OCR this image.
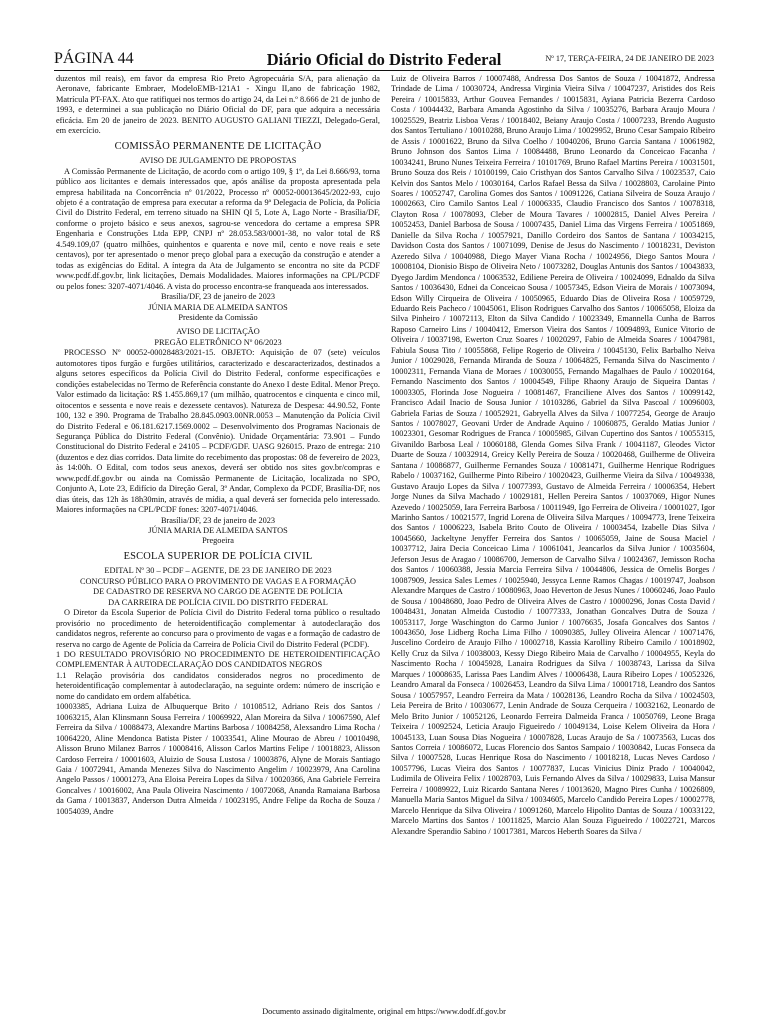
PÁGINA 44	Diário Oficial do Distrito Federal	Nº 17, TERÇA-FEIRA, 24 DE JANEIRO DE 2023

duzentos mil reais), em favor da empresa Rio Preto Agropecuária S/A, para alienação da Aeronave, fabricante Embraer, ModeloEMB-121A1 - Xingu II,ano de fabricação 1982, Matrícula PT-FAX. Ato que ratifiquei nos termos do artigo 24, da Lei n.º 8.666 de 21 de junho de 1993, e determinei a sua publicação no Diário Oficial do DF, para que adquira a necessária eficácia. Em 20 de janeiro de 2023. BENITO AUGUSTO GALIANI TIEZZI, Delegado-Geral, em exercício.

COMISSÃO PERMANENTE DE LICITAÇÃO
AVISO DE JULGAMENTO DE PROPOSTAS

A Comissão Permanente de Licitação, de acordo com o artigo 109, § 1º, da Lei 8.666/93, torna público aos licitantes e demais interessados que, após análise da proposta apresentada pela empresa habilitada na Concorrência nº 01/2022, Processo nº 00052-00013645/2022-93, cujo objeto é a contratação de empresa para executar a reforma da 9ª Delegacia de Polícia, da Polícia Civil do Distrito Federal, em terreno situado na SHIN QI 5, Lote A, Lago Norte - Brasília/DF, conforme o projeto básico e seus anexos, sagrou-se vencedora do certame a empresa SPR Engenharia e Construções Ltda EPP, CNPJ nº 28.053.583/0001-38, no valor total de R$ 4.549.109,07 (quatro milhões, quinhentos e quarenta e nove mil, cento e nove reais e sete centavos), por ter apresentado o menor preço global para a execução da construção e atender a todas as exigências do Edital. A íntegra da Ata de Julgamento se encontra no site da PCDF www.pcdf.df.gov.br, link licitações, Demais Modalidades. Maiores informações na CPL/PCDF ou pelos fones: 3207-4071/4046. A vista do processo encontra-se franqueada aos interessados.

Brasília/DF, 23 de janeiro de 2023
JÚNIA MARIA DE ALMEIDA SANTOS
Presidente da Comissão
AVISO DE LICITAÇÃO
PREGÃO ELETRÔNICO Nº 06/2023

PROCESSO Nº 00052-00028483/2021-15. OBJETO: Aquisição de 07 (sete) veículos automotores tipos furgão e furgões utilitários, caracterizado e descaracterizados, destinados a alguns setores específicos da Polícia Civil do Distrito Federal, conforme especificações e condições estabelecidas no Termo de Referência constante do Anexo I deste Edital. Menor Preço. Valor estimado da licitação: R$ 1.455.869,17 (um milhão, quatrocentos e cinquenta e cinco mil, oitocentos e sessenta e nove reais e dezessete centavos). Natureza de Despesa: 44.90.52, Fonte 100, 132 e 390. Programa de Trabalho 28.845.0903.00NR.0053 – Manutenção da Polícia Civil do Distrito Federal e 06.181.6217.1569.0002 – Desenvolvimento dos Programas Nacionais de Segurança Pública do Distrito Federal (Convênio). Unidade Orçamentária: 73.901 – Fundo Constitucional do Distrito Federal e 24105 – PCDF/GDF. UASG 926015. Prazo de entrega: 210 (duzentos e dez dias corridos. Data limite do recebimento das propostas: 08 de fevereiro de 2023, às 14:00h. O Edital, com todos seus anexos, deverá ser obtido nos sites gov.br/compras e www.pcdf.df.gov.br ou ainda na Comissão Permanente de Licitação, localizada no SPO, Conjunto A, Lote 23, Edifício da Direção Geral, 3º Andar, Complexo da PCDF, Brasília-DF, nos dias úteis, das 12h às 18h30min, através de mídia, a qual deverá ser fornecida pelo interessado. Maiores informações na CPL/PCDF fones: 3207-4071/4046.

Brasília/DF, 23 de janeiro de 2023
JÚNIA MARIA DE ALMEIDA SANTOS
Pregoeira
ESCOLA SUPERIOR DE POLÍCIA CIVIL
EDITAL Nº 30 – PCDF – AGENTE, DE 23 DE JANEIRO DE 2023
CONCURSO PÚBLICO PARA O PROVIMENTO DE VAGAS E A FORMAÇÃO
DE CADASTRO DE RESERVA NO CARGO DE AGENTE DE POLÍCIA
DA CARREIRA DE POLÍCIA CIVIL DO DISTRITO FEDERAL

O Diretor da Escola Superior de Polícia Civil do Distrito Federal torna público o resultado provisório no procedimento de heteroidentificação complementar à autodeclaração dos candidatos negros, referente ao concurso para o provimento de vagas e a formação de cadastro de reserva no cargo de Agente de Polícia da Carreira de Polícia Civil do Distrito Federal (PCDF).

1 DO RESULTADO PROVISÓRIO NO PROCEDIMENTO DE HETEROIDENTIFICAÇÃO COMPLEMENTAR À AUTODECLARAÇÃO DOS CANDIDATOS NEGROS

1.1 Relação provisória dos candidatos considerados negros no procedimento de heteroidentificação complementar à autodeclaração, na seguinte ordem: número de inscrição e nome do candidato em ordem alfabética.

10003385, Adriana Luiza de Albuquerque Brito / 10108512, Adriano Reis dos Santos / 10063215, Alan Klinsmann Sousa Ferreira / 10069922, Alan Moreira da Silva / 10067590, Alef Ferreira da Silva / 10088473, Alexandre Martins Barbosa / 10084258, Alexsandro Lima Rocha / 10064220, Aline Mendonca Batista Pister / 10033541, Aline Mourao de Abreu / 10010498, Alisson Bruno Milanez Barros / 10008416, Alisson Carlos Martins Felipe / 10018823, Alisson Cardoso Ferreira / 10001603, Aluizio de Sousa Lustosa / 10003876, Alyne de Morais Santiago Gaia / 10072941, Amanda Menezes Silva do Nascimento Angelim / 10023979, Ana Carolina Angelo Passos / 10001273, Ana Eloisa Pereira Lopes da Silva / 10020366, Ana Gabriele Ferreira Goncalves / 10016002, Ana Paula Oliveira Nascimento / 10072068, Ananda Ramaiana Barbosa da Gama / 10013837, Anderson Dutra Almeida / 10023195, Andre Felipe da Rocha de Souza / 10054039, Andre

Luiz de Oliveira Barros / 10007488, Andressa Dos Santos de Souza / 10041872, Andressa Trindade de Lima / 10030724, Andressa Virginia Vieira Silva / 10047237, Aristides dos Reis Pereira / 10015833, Arthur Gouvea Fernandes / 10015831, Ayiana Patricia Bezerra Cardoso Costa / 10044432, Barbara Amanda Agostinho da Silva / 10035276, Barbara Araujo Moura / 10025529, Beatriz Lisboa Veras / 10018402, Beiany Araujo Costa / 10007233, Brendo Augusto dos Santos Tertuliano / 10010288, Bruno Araujo Lima / 10029952, Bruno Cesar Sampaio Ribeiro de Assis / 10001622, Bruno da Silva Coelho / 10040206, Bruno Garcia Santana / 10061982, Bruno Johnson dos Santos Lima / 10084488, Bruno Leonardo da Conceicao Facanha / 10034241, Bruno Nunes Teixeira Ferreira / 10101769, Bruno Rafael Martins Pereira / 10031501, Bruno Souza dos Reis / 10100199, Caio Cristhyan dos Santos Carvalho Silva / 10023537, Caio Kelvin dos Santos Melo / 10030164, Carlos Rafael Bessa da Silva / 10028803, Carolaine Pinto Soares / 10052747, Carolina Gomes dos Santos / 10091226, Catiana Silveira de Souza Araujo / 10002663, Ciro Camilo Santos Leal / 10006335, Claudio Francisco dos Santos / 10078318, Clayton Rosa / 10078093, Cleber de Moura Tavares / 10002815, Daniel Alves Pereira / 10052453, Daniel Barbosa de Sousa / 10007435, Daniel Lima das Virgens Ferreira / 10051869, Danielle da Silva Rocha / 10057921, Danillo Cordeiro dos Santos de Santana / 10034215, Davidson Costa dos Santos / 10071099, Denise de Jesus do Nascimento / 10018231, Deviston Azeredo Silva / 10040988, Diego Mayer Viana Rocha / 10024956, Diego Santos Moura / 10008104, Dionisio Bispo de Oliveira Neto / 10073282, Douglas Antunis dos Santos / 10043833, Dyego Jardim Mendonca / 10063532, Ediliene Pereira de Oliveira / 10024099, Ednaldo da Silva Santos / 10036430, Ednei da Conceicao Sousa / 10057345, Edson Vieira de Morais / 10073094, Edson Willy Cirqueira de Oliveira / 10050965, Eduardo Dias de Oliveira Rosa / 10059729, Eduardo Reis Pacheco / 10045061, Elison Rodrigues Carvalho dos Santos / 10065058, Eloiza da Silva Pinheiro / 10072113, Elton da Silva Candido / 10023349, Emannella Cunha de Barros Raposo Carneiro Lins / 10040412, Emerson Vieira dos Santos / 10094893, Eunice Vitorio de Oliveira / 10037198, Ewerton Cruz Soares / 10020297, Fabio de Almeida Soares / 10047981, Fabiula Sousa Tito / 10055868, Felipe Rogerio de Oliveira / 10045130, Felix Barbalho Neiva Junior / 10029028, Fernanda Miranda de Souza / 10064825, Fernanda Silva do Nascimento / 10002311, Fernanda Viana de Moraes / 10030055, Fernando Magalhaes de Paulo / 10020164, Fernando Nascimento dos Santos / 10004549, Filipe Rhaony Araujo de Siqueira Dantas / 10003305, Florinda Jose Nogueira / 10081467, Franciliene Alves dos Santos / 10099142, Francisco Adail Inacio de Sousa Junior / 10103286, Gabriel da Silva Pascoal / 10096003, Gabriela Farias de Souza / 10052921, Gabryella Alves da Silva / 10077254, George de Araujo Santos / 10078027, Geovani Urder de Andrade Aquino / 10060875, Geraldo Matias Junior / 10023301, Gesomar Rodrigues de Franca / 10005985, Gilvan Cupertino dos Santos / 10055315, Givanildo Barbosa Leal / 10060188, Glenda Gomes Silva Frank / 10041187, Gleodes Victor Duarte de Souza / 10032914, Greicy Kelly Pereira de Souza / 10020468, Guilherme de Oliveira Santana / 10086877, Guilherme Fernandes Souza / 10081471, Guilherme Henrique Rodrigues Rabelo / 10037162, Guilherme Pinto Ribeiro / 10020423, Guilherme Vieira da Silva / 10049338, Gustavo Araujo Lopes da Silva / 10077393, Gustavo de Almeida Ferreira / 10006354, Hebert Jorge Nunes da Silva Machado / 10029181, Hellen Pereira Santos / 10037069, Higor Nunes Azevedo / 10025059, Iara Ferreira Barbosa / 10011949, Igo Ferreira de Oliveira / 10001027, Igor Marinho Santos / 10021577, Ingrid Lorena de Oliveira Silva Marques / 10094773, Irene Teixeira dos Santos / 10006223, Isabela Brito Couto de Oliveira / 10003454, Izabelle Dias Silva / 10045660, Jackeltyne Jenyffer Ferreira dos Santos / 10065059, Jaine de Sousa Maciel / 10037712, Jaira Decia Conceicao Lima / 10061041, Jeancarlos da Silva Junior / 10035604, Jeferson Jesus de Aragao / 10086700, Jemerson de Carvalho Silva / 10024367, Jemisson Rocha dos Santos / 10060388, Jessia Marcia Ferreira Silva / 10044806, Jessica de Ornelis Borges / 10087909, Jessica Sales Lemes / 10025940, Jessyca Lenne Ramos Chagas / 10019747, Joabson Alexandre Marques de Castro / 10080963, Joao Heverton de Jesus Nunes / 10060246, Joao Paulo de Sousa / 10048680, Joao Pedro de Oliveira Alves de Castro / 10000296, Jonas Costa David / 10048431, Jonatan Almeida Custodio / 10077333, Jonathan Goncalves Dutra de Souza / 10053117, Jorge Waschington do Carmo Junior / 10076635, Josafa Goncalves dos Santos / 10043650, Jose Lidberg Rocha Lima Filho / 10090385, Julley Oliveira Alencar / 10071476, Juscelino Cordeiro de Araujo Filho / 10002718, Kassia Karolliny Ribeiro Camilo / 10018902, Kelly Cruz da Silva / 10038003, Kessy Diego Ribeiro Maia de Carvalho / 10004955, Keyla do Nascimento Rocha / 10045928, Lanaira Rodrigues da Silva / 10038743, Larissa da Silva Marques / 10008635, Larissa Paes Landim Alves / 10006438, Laura Ribeiro Lopes / 10052326, Leandro Amaral da Fonseca / 10026453, Leandro da Silva Lima / 10001718, Leandro dos Santos Sousa / 10057957, Leandro Ferreira da Mata / 10028136, Leandro Rocha da Silva / 10024503, Leia Pereira de Brito / 10030677, Lenin Andrade de Souza Cerqueira / 10032162, Leonardo de Melo Brito Junior / 10052126, Leonardo Ferreira Dalmeida Franca / 10050769, Leone Braga Teixeira / 10092524, Leticia Araujo Figueiredo / 10049134, Loise Kelem Oliveira da Hora / 10045133, Luan Sousa Dias Nogueira / 10007828, Lucas Araujo de Sa / 10073563, Lucas dos Santos Correia / 10086072, Lucas Florencio dos Santos Sampaio / 10030842, Lucas Fonseca da Silva / 10007528, Lucas Henrique Rosa do Nascimento / 10018218, Lucas Neves Cardoso / 10057796, Lucas Vieira dos Santos / 10077837, Lucas Vinicius Diniz Prado / 10040042, Ludimila de Oliveira Felix / 10028703, Luis Fernando Alves da Silva / 10029833, Luisa Mansur Ferreira / 10089922, Luiz Ricardo Santana Neres / 10013620, Magno Pires Cunha / 10026809, Manuella Maria Santos Miguel da Silva / 10034605, Marcelo Candido Pereira Lopes / 10002778, Marcelo Henrique da Silva Oliveira / 10091260, Marcelo Hipolito Dantas de Souza / 10033122, Marcelo Martins dos Santos / 10011825, Marcio Alan Souza Figueiredo / 10022721, Marcos Alexandre Sperandio Sabino / 10017381, Marcos Heberth Soares da Silva /

Documento assinado digitalmente, original em https://www.dodf.df.gov.br
